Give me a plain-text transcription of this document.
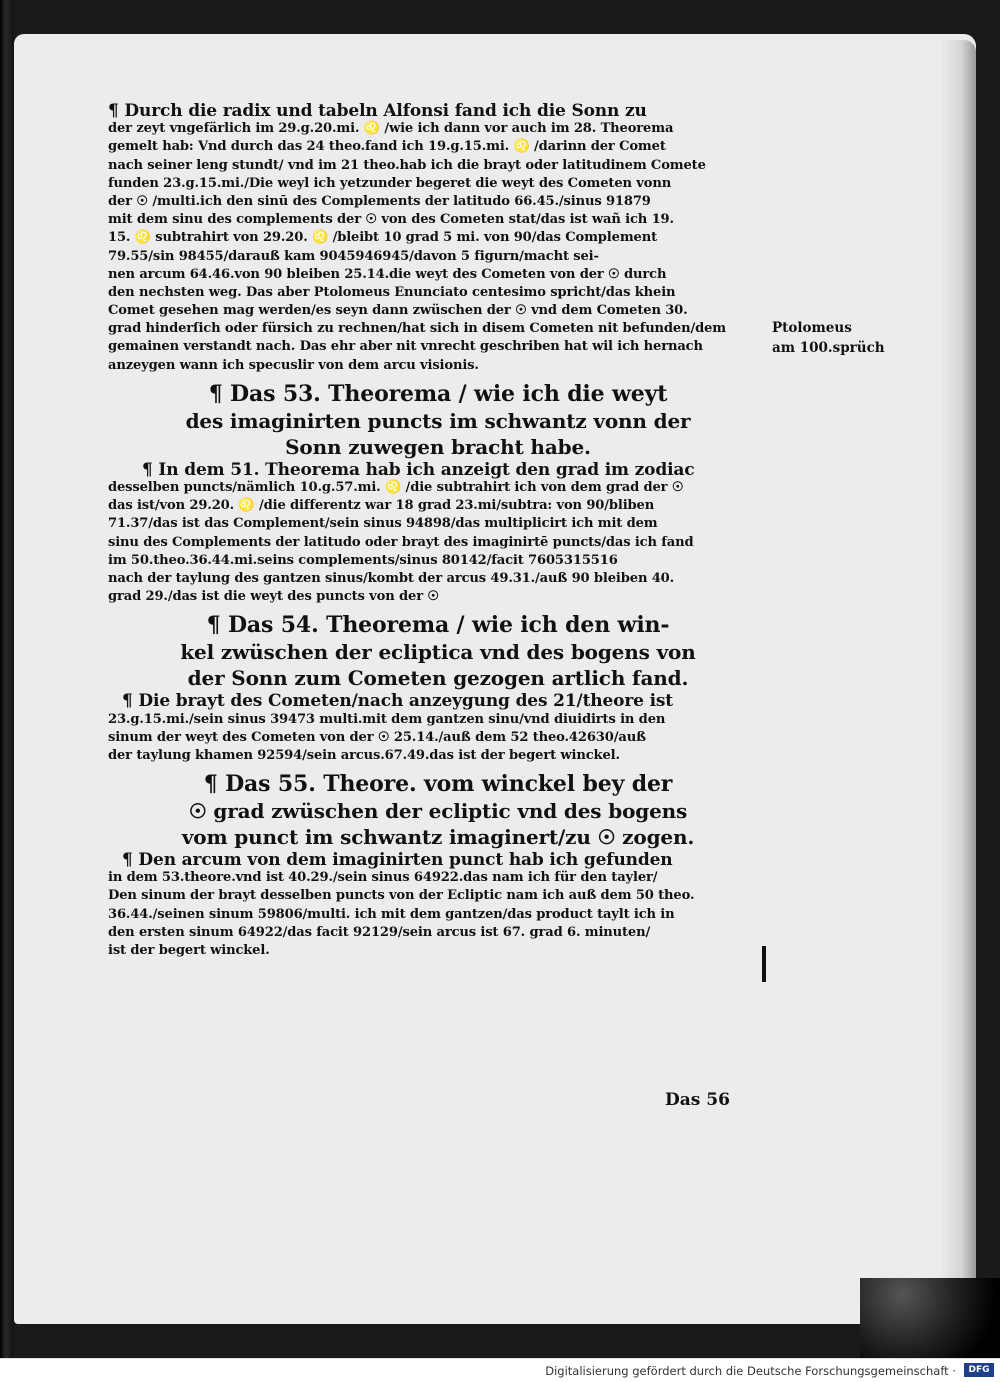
¶ Durch die radix und tabeln Alfonsi fand ich die Sonn zu
der zeyt vngefärlich im 29.g.20.mi. ♌ /wie ich dann vor auch im 28. Theorema
gemelt hab: Vnd durch das 24 theo.fand ich 19.g.15.mi. ♌ /darinn der Comet
nach seiner leng stundt/ vnd im 21 theo.hab ich die brayt oder latitudinem Comete
funden 23.g.15.mi./Die weyl ich yetzunder begeret die weyt des Cometen vonn
der ☉ /multi.ich den sinū des Complements der latitudo 66.45./sinus 91879
mit dem sinu des complements der ☉ von des Cometen stat/das ist wañ ich 19.
15. ♌ subtrahirt von 29.20. ♌ /bleibt 10 grad 5 mi. von 90/das Complement
79.55/sin 98455/darauß kam 9045946945/davon 5 figurn/macht sei-
nen arcum 64.46.von 90 bleiben 25.14.die weyt des Cometen von der ☉ durch
den nechsten weg. Das aber Ptolomeus Enunciato centesimo spricht/das khein
Comet gesehen mag werden/es seyn dann zwüschen der ☉ vnd dem Cometen 30.
grad hinderſich oder fürsich zu rechnen/hat sich in disem Cometen nit befunden/dem
gemainen verstandt nach. Das ehr aber nit vnrecht geschriben hat wil ich hernach
anzeygen wann ich specuslir von dem arcu visionis.
¶ Das 53. Theorema / wie ich die weyt
des imaginirten puncts im schwantz vonn der
Sonn zuwegen bracht habe.
¶ In dem 51. Theorema hab ich anzeigt den grad im zodiac
desselben puncts/nämlich 10.g.57.mi. ♌ /die subtrahirt ich von dem grad der ☉
das ist/von 29.20. ♌ /die differentz war 18 grad 23.mi/subtra: von 90/bliben
71.37/das ist das Complement/sein sinus 94898/das multiplicirt ich mit dem
sinu des Complements der latitudo oder brayt des imaginirtē puncts/das ich fand
im 50.theo.36.44.mi.seins complements/sinus 80142/facit 7605315516
nach der taylung des gantzen sinus/kombt der arcus 49.31./auß 90 bleiben 40.
grad 29./das ist die weyt des puncts von der ☉
¶ Das 54. Theorema / wie ich den win-
kel zwüschen der ecliptica vnd des bogens von
der Sonn zum Cometen gezogen artlich fand.
¶ Die brayt des Cometen/nach anzeygung des 21/theore ist
23.g.15.mi./sein sinus 39473 multi.mit dem gantzen sinu/vnd diuidirts in den
sinum der weyt des Cometen von der ☉ 25.14./auß dem 52 theo.42630/auß
der taylung khamen 92594/sein arcus.67.49.das ist der begert winckel.
¶ Das 55. Theore. vom winckel bey der
☉ grad zwüschen der ecliptic vnd des bogens
vom punct im schwantz imaginert/zu ☉ zogen.
¶ Den arcum von dem imaginirten punct hab ich gefunden
in dem 53.theore.vnd ist 40.29./sein sinus 64922.das nam ich für den tayler/
Den sinum der brayt desselben puncts von der Ecliptic nam ich auß dem 50 theo.
36.44./seinen sinum 59806/multi. ich mit dem gantzen/das product taylt ich in
den ersten sinum 64922/das facit 92129/sein arcus ist 67. grad 6. minuten/
ist der begert winckel.
Ptolomeus
am 100.sprüch
Das 56
Digitalisierung gefördert durch die Deutsche Forschungsgemeinschaft ·	DFG
